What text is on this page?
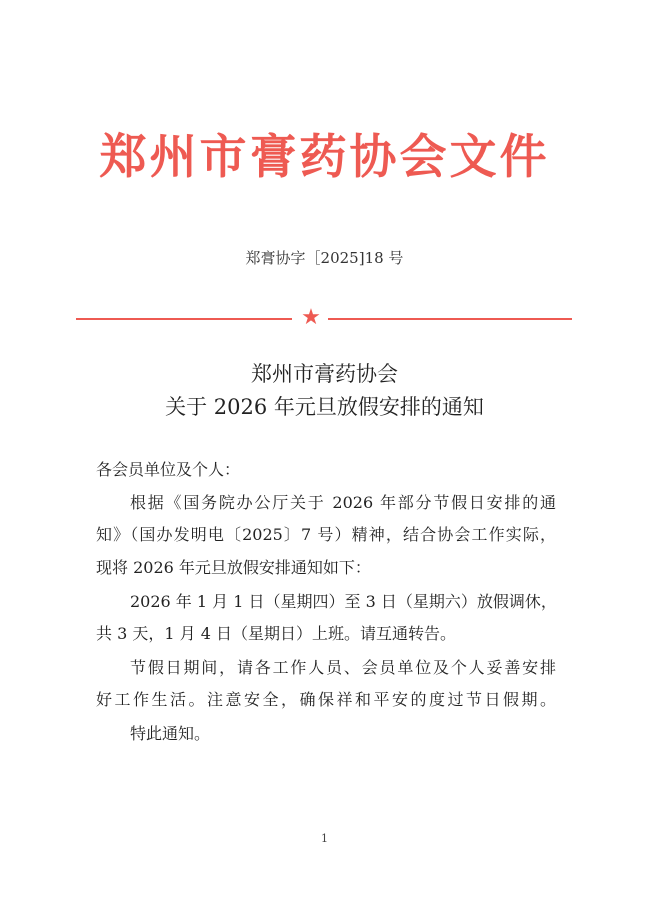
郑州市膏药协会文件
郑膏协字［2025]18 号
★
郑州市膏药协会
关于 2026 年元旦放假安排的通知
各会员单位及个人：
根据《国务院办公厅关于 2026 年部分节假日安排的通
知》（国办发明电〔2025〕7 号）精神，结合协会工作实际，
现将 2026 年元旦放假安排通知如下：
2026 年 1 月 1 日（星期四）至 3 日（星期六）放假调休，
共 3 天，1 月 4 日（星期日）上班。请互通转告。
节假日期间，请各工作人员、会员单位及个人妥善安排
好工作生活。注意安全，确保祥和平安的度过节日假期。
特此通知。
1
